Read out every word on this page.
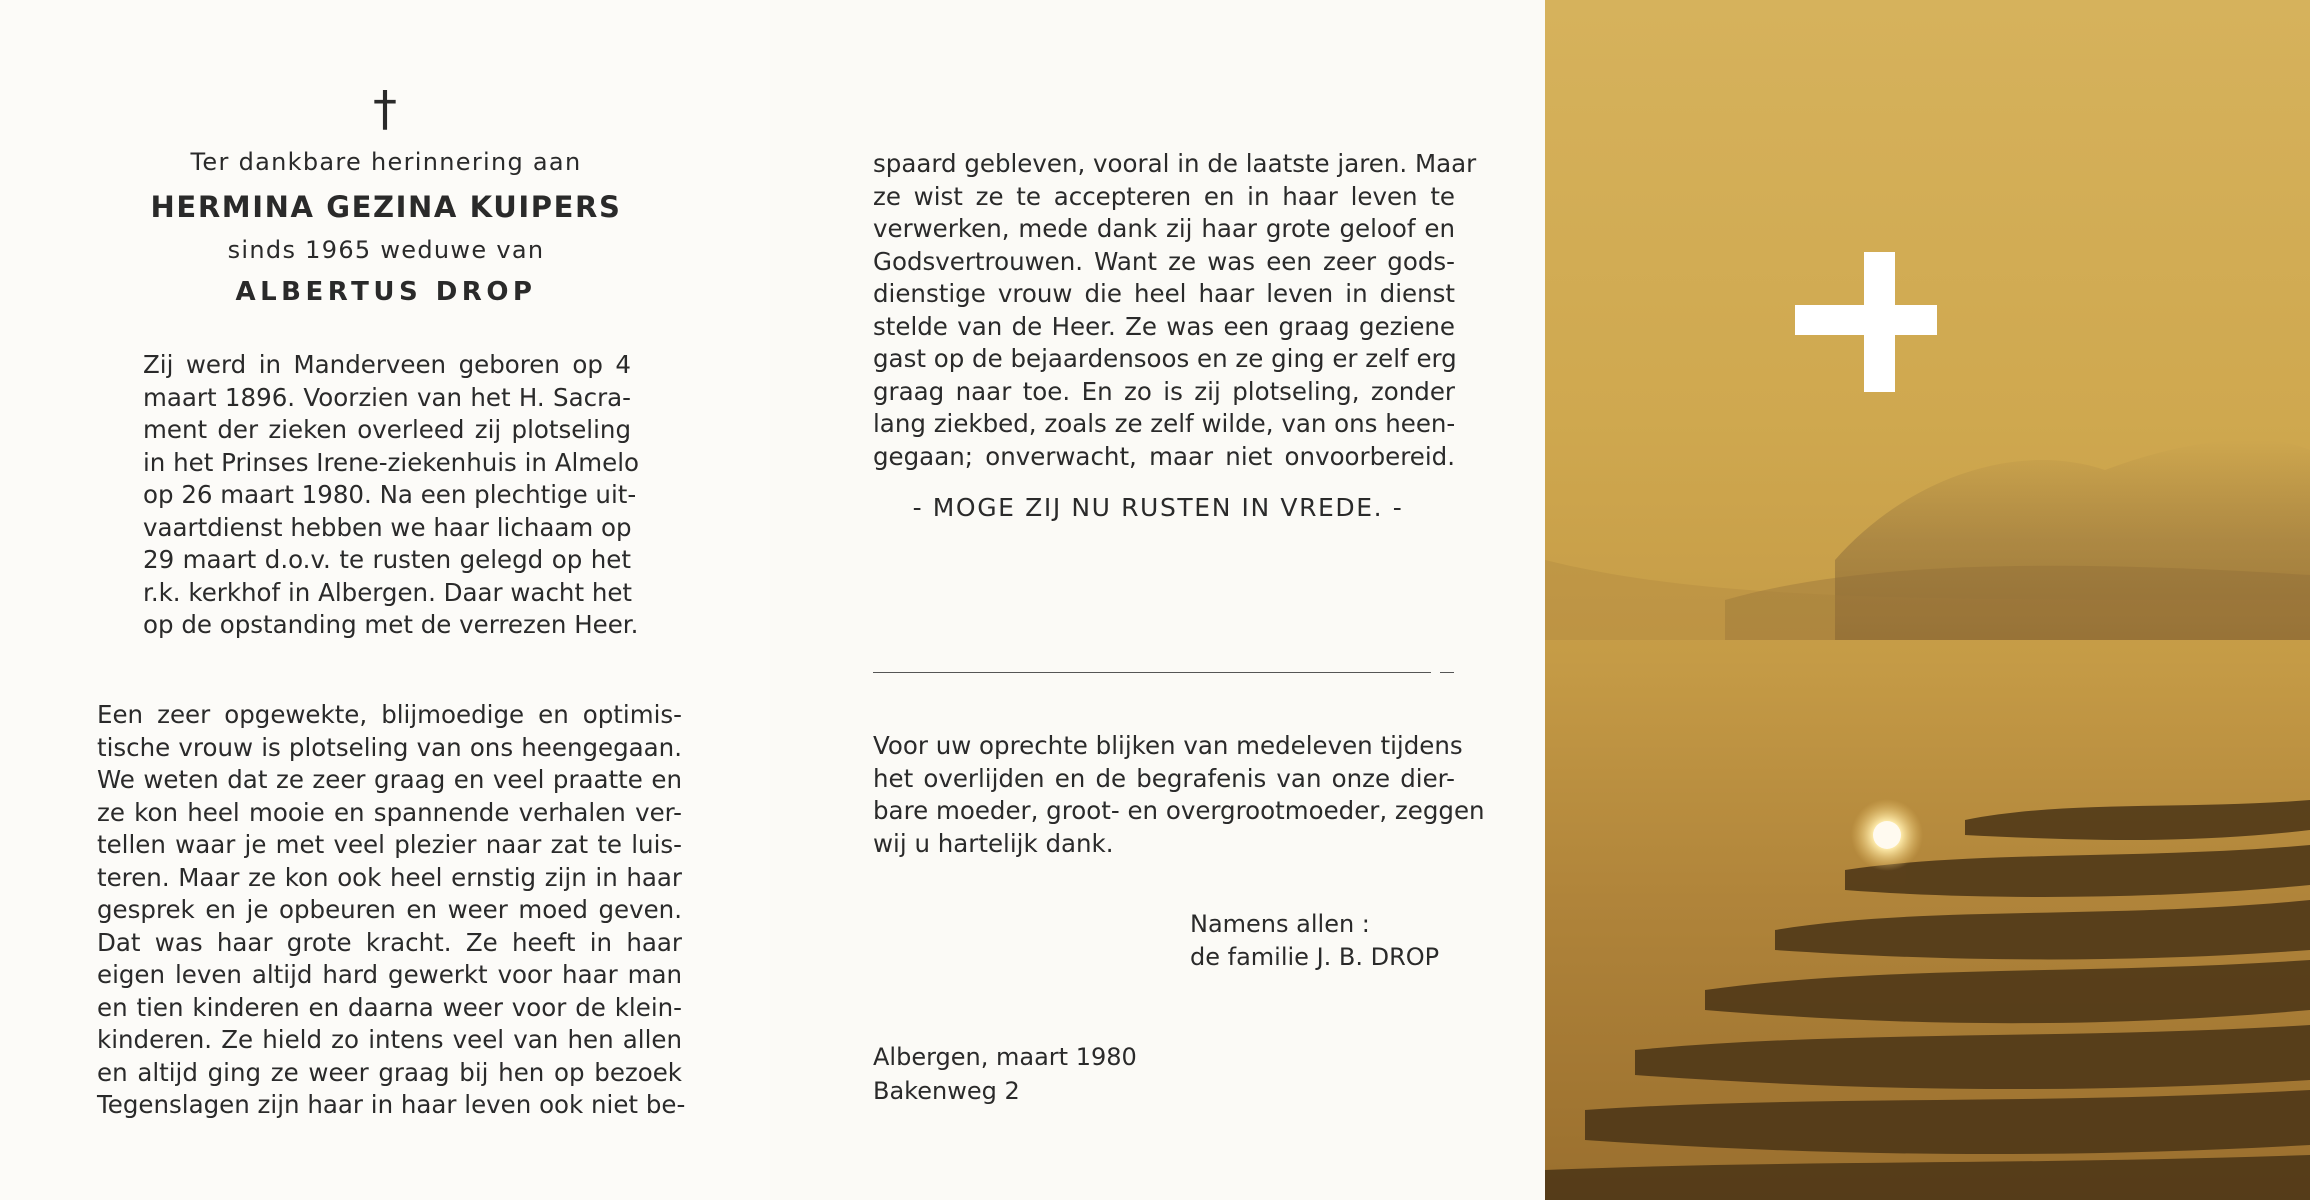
†
Ter dankbare herinnering aan
HERMINA GEZINA KUIPERS
sinds 1965 weduwe van
ALBERTUS DROP
Zij werd in Manderveen geboren op 4
maart 1896. Voorzien van het H. Sacra-
ment der zieken overleed zij plotseling
in het Prinses Irene-ziekenhuis in Almelo
op 26 maart 1980. Na een plechtige uit-
vaartdienst hebben we haar lichaam op
29 maart d.o.v. te rusten gelegd op het
r.k. kerkhof in Albergen. Daar wacht het
op de opstanding met de verrezen Heer.
Een zeer opgewekte, blijmoedige en optimis-
tische vrouw is plotseling van ons heengegaan.
We weten dat ze zeer graag en veel praatte en
ze kon heel mooie en spannende verhalen ver-
tellen waar je met veel plezier naar zat te luis-
teren. Maar ze kon ook heel ernstig zijn in haar
gesprek en je opbeuren en weer moed geven.
Dat was haar grote kracht. Ze heeft in haar
eigen leven altijd hard gewerkt voor haar man
en tien kinderen en daarna weer voor de klein-
kinderen. Ze hield zo intens veel van hen allen
en altijd ging ze weer graag bij hen op bezoek
Tegenslagen zijn haar in haar leven ook niet be-
spaard gebleven, vooral in de laatste jaren. Maar
ze wist ze te accepteren en in haar leven te
verwerken, mede dank zij haar grote geloof en
Godsvertrouwen. Want ze was een zeer gods-
dienstige vrouw die heel haar leven in dienst
stelde van de Heer. Ze was een graag geziene
gast op de bejaardensoos en ze ging er zelf erg
graag naar toe. En zo is zij plotseling, zonder
lang ziekbed, zoals ze zelf wilde, van ons heen-
gegaan; onverwacht, maar niet onvoorbereid.
- MOGE ZIJ NU RUSTEN IN VREDE. -
Voor uw oprechte blijken van medeleven tijdens
het overlijden en de begrafenis van onze dier-
bare moeder, groot- en overgrootmoeder, zeggen
wij u hartelijk dank.
Namens allen :
de familie J. B. DROP
Albergen, maart 1980
Bakenweg 2
